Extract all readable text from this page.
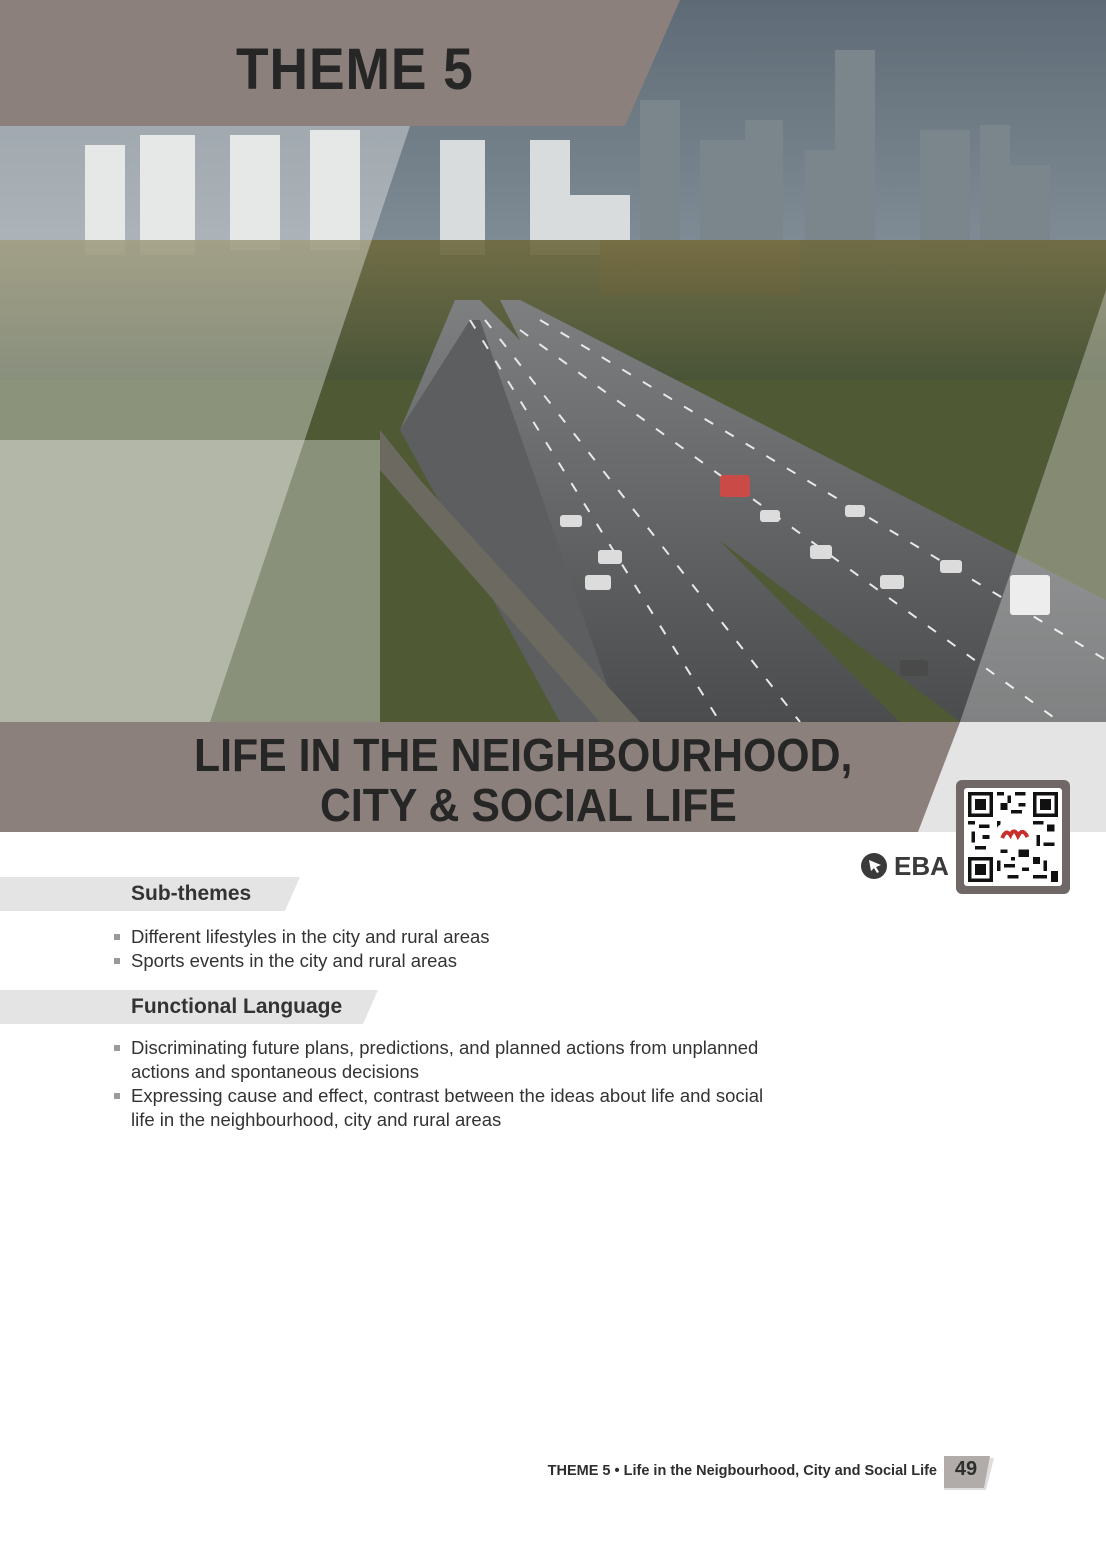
THEME 5
LIFE IN THE NEIGHBOURHOOD,
CITY & SOCIAL LIFE
EBA
Sub-themes
Different lifestyles in the city and rural areas
Sports events in the city and rural areas
Functional Language
Discriminating future plans, predictions, and planned actions from unplanned actions and spontaneous decisions
Expressing cause and effect, contrast between the ideas about life and social life in the neighbourhood, city and rural areas
THEME 5 • Life in the Neigbourhood, City and Social Life 49
